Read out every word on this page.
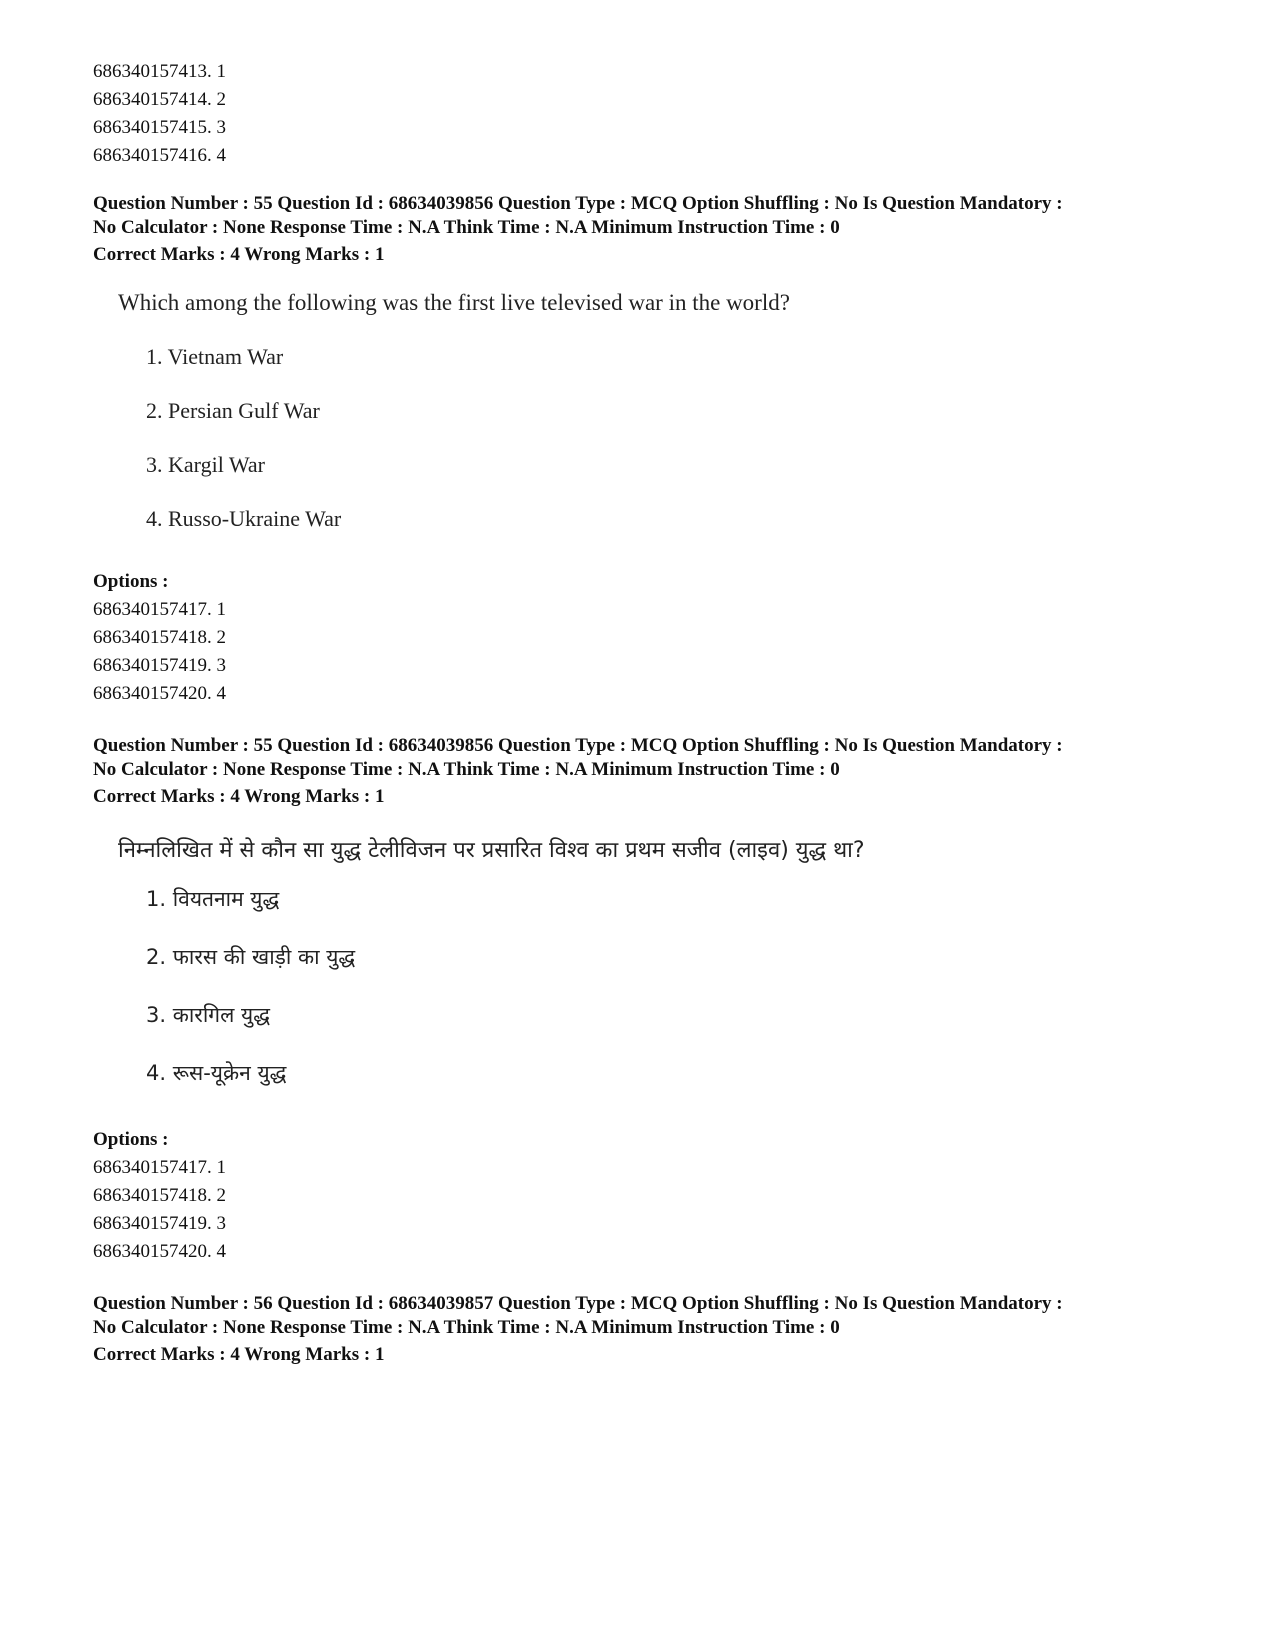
686340157413. 1
686340157414. 2
686340157415. 3
686340157416. 4
Question Number : 55 Question Id : 68634039856 Question Type : MCQ Option Shuffling : No Is Question Mandatory :
No Calculator : None Response Time : N.A Think Time : N.A Minimum Instruction Time : 0
Correct Marks : 4 Wrong Marks : 1
Which among the following was the first live televised war in the world?
1. Vietnam War
2. Persian Gulf War
3. Kargil War
4. Russo-Ukraine War
Options :
686340157417. 1
686340157418. 2
686340157419. 3
686340157420. 4
Question Number : 55 Question Id : 68634039856 Question Type : MCQ Option Shuffling : No Is Question Mandatory :
No Calculator : None Response Time : N.A Think Time : N.A Minimum Instruction Time : 0
Correct Marks : 4 Wrong Marks : 1
निम्नलिखित में से कौन सा युद्ध टेलीविजन पर प्रसारित विश्व का प्रथम सजीव (लाइव) युद्ध था?
1. वियतनाम युद्ध
2. फारस की खाड़ी का युद्ध
3. कारगिल युद्ध
4. रूस-यूक्रेन युद्ध
Options :
686340157417. 1
686340157418. 2
686340157419. 3
686340157420. 4
Question Number : 56 Question Id : 68634039857 Question Type : MCQ Option Shuffling : No Is Question Mandatory :
No Calculator : None Response Time : N.A Think Time : N.A Minimum Instruction Time : 0
Correct Marks : 4 Wrong Marks : 1
